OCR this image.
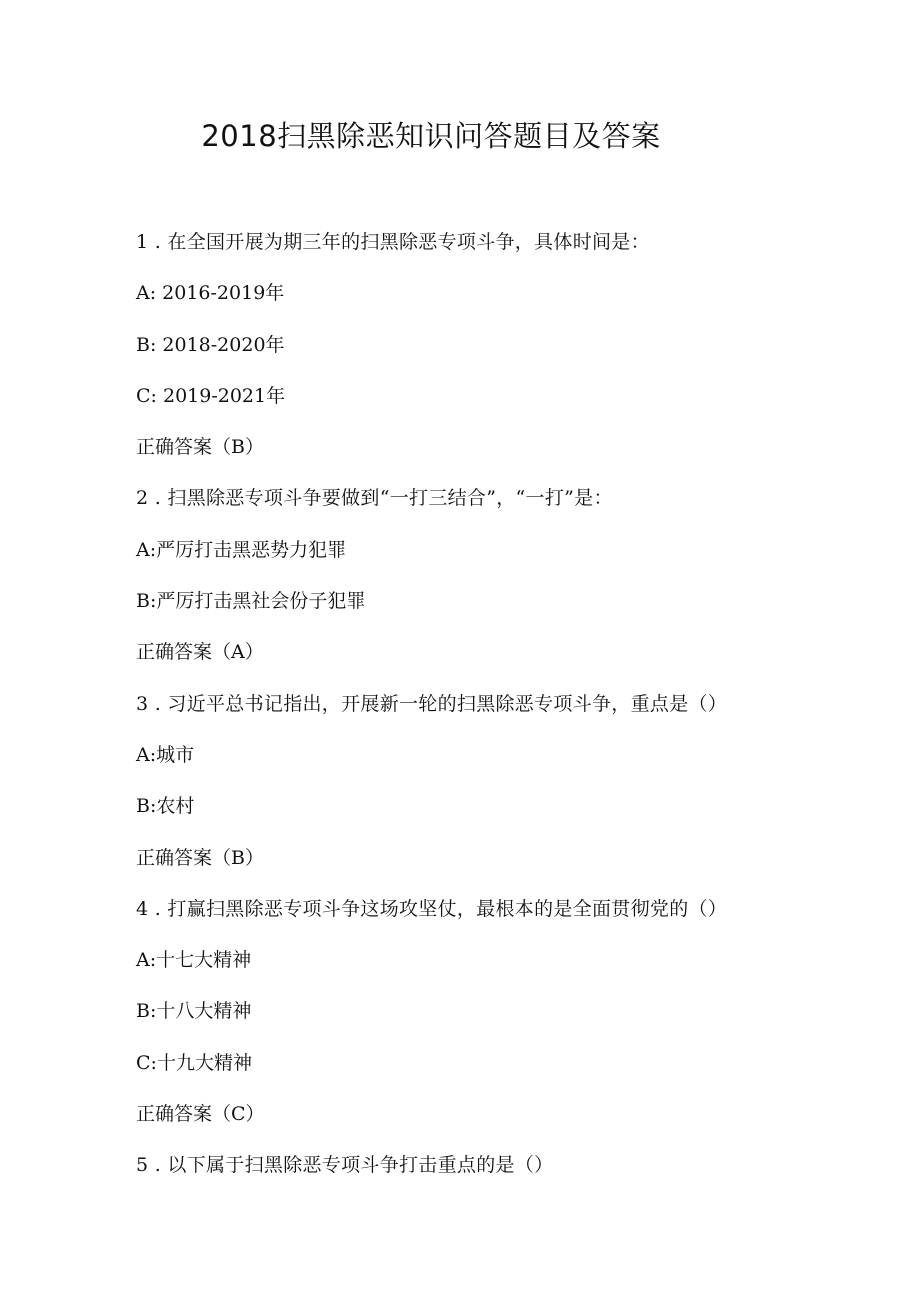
2018扫黑除恶知识问答题目及答案
1 . 在全国开展为期三年的扫黑除恶专项斗争，具体时间是：
A: 2016-2019年
B: 2018-2020年
C: 2019-2021年
正确答案（B）
2 . 扫黑除恶专项斗争要做到“一打三结合”，“一打”是：
A:严厉打击黑恶势力犯罪
B:严厉打击黑社会份子犯罪
正确答案（A）
3 . 习近平总书记指出，开展新一轮的扫黑除恶专项斗争，重点是（）
A:城市
B:农村
正确答案（B）
4 . 打赢扫黑除恶专项斗争这场攻坚仗，最根本的是全面贯彻党的（）
A:十七大精神
B:十八大精神
C:十九大精神
正确答案（C）
5 . 以下属于扫黑除恶专项斗争打击重点的是（）
